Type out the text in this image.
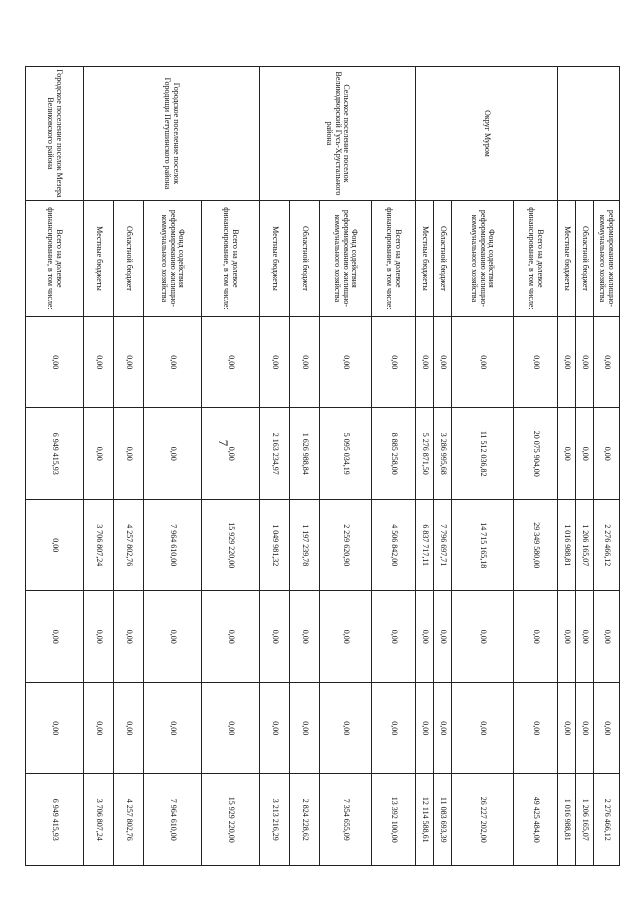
7
	реформированию жилищно-коммунального хозяйства	0,00	0,00	2 276 466,12	0,00	0,00	2 276 466,12
	Областной бюджет	0,00	0,00	1 206 165,07	0,00	0,00	1 206 165,07
	Местные бюджеты	0,00	0,00	1 016 988,81	0,00	0,00	1 016 988,81
Округ Муром	Всего на долевое финансирование, в том числе:	0,00	20 075 904,00	29 349 580,00	0,00	0,00	49 425 484,00
	Фонд содействия реформированию жилищно-коммунального хозяйства	0,00	11 512 036,82	14 715 165,18	0,00	0,00	26 227 202,00
	Областной бюджет	0,00	3 286 995,68	7 796 697,71	0,00	0,00	11 083 693,39
	Местные бюджеты	0,00	5 276 871,50	6 837 717,11	0,00	0,00	12 114 588,61
Сельское поселение поселок Великодворский Гусь-Хрустального района	Всего на долевое финансирование, в том числе:	0,00	8 885 258,00	4 506 842,00	0,00	0,00	13 392 100,00
	Фонд содействия реформированию жилищно-коммунального хозяйства	0,00	5 095 034,19	2 259 620,90	0,00	0,00	7 354 655,09
	Областной бюджет	0,00	1 626 988,84	1 197 239,78	0,00	0,00	2 824 228,62
	Местные бюджеты	0,00	2 163 234,97	1 049 981,32	0,00	0,00	3 213 216,29
Городское поселение поселок Городищи Петушинского района	Всего на долевое финансирование, в том числе:	0,00	0,00	15 929 220,00	0,00	0,00	15 929 220,00
	Фонд содействия реформированию жилищно-коммунального хозяйства	0,00	0,00	7 964 610,00	0,00	0,00	7 964 610,00
	Областной бюджет	0,00	0,00	4 257 802,76	0,00	0,00	4 257 802,76
	Местные бюджеты	0,00	0,00	3 706 807,24	0,00	0,00	3 706 807,24
Городское поселение поселок Мезера Великовского района	Всего на долевое финансирование, в том числе:	0,00	6 949 415,93	0,00	0,00	0,00	6 949 415,93
